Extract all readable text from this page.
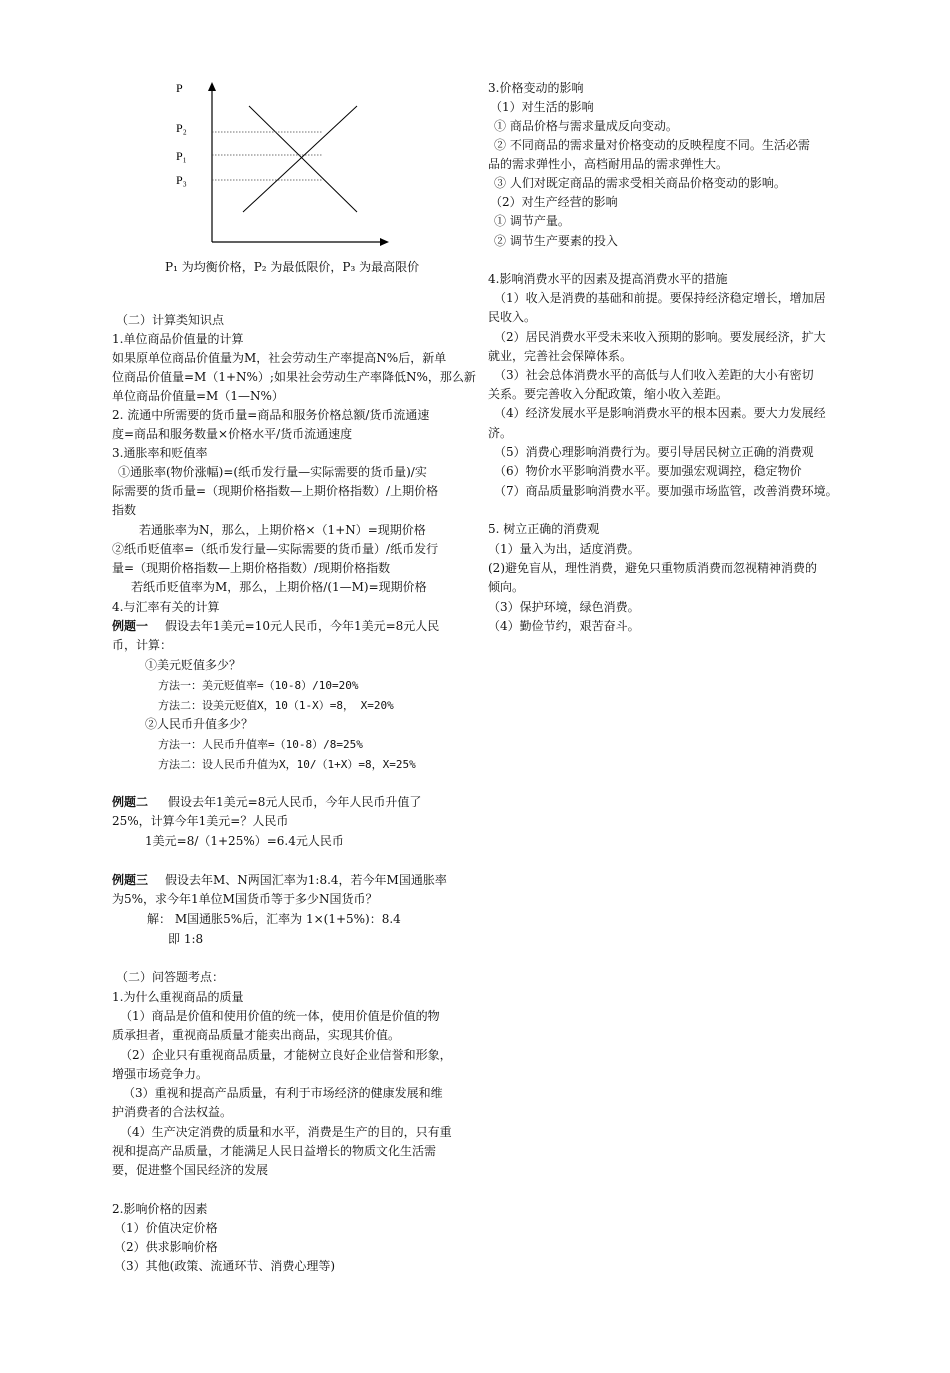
P
P₂
P₁
P₃
P₁ 为均衡价格，P₂ 为最低限价，P₃ 为最高限价
（二）计算类知识点
1.单位商品价值量的计算
如果原单位商品价值量为M，社会劳动生产率提高N%后，新单
位商品价值量=M（1+N%）;如果社会劳动生产率降低N%，那么新
单位商品价值量=M（1—N%）
2. 流通中所需要的货币量=商品和服务价格总额/货币流通速
度=商品和服务数量×价格水平/货币流通速度
3.通胀率和贬值率
①通胀率(物价涨幅)=(纸币发行量—实际需要的货币量)/实
际需要的货币量=（现期价格指数—上期价格指数）/上期价格
指数
若通胀率为N，那么，上期价格×（1+N）=现期价格
②纸币贬值率=（纸币发行量—实际需要的货币量）/纸币发行
量=（现期价格指数—上期价格指数）/现期价格指数
若纸币贬值率为M，那么，上期价格/(1—M)=现期价格
4.与汇率有关的计算
例题一 假设去年1美元=10元人民币，今年1美元=8元人民
币，计算：
①美元贬值多少？
方法一：美元贬值率=（10-8）/10=20%
方法二：设美元贬值X，10（1-X）=8， X=20%
②人民币升值多少？
方法一：人民币升值率=（10-8）/8=25%
方法二：设人民币升值为X，10/（1+X）=8，X=25%
例题二 假设去年1美元=8元人民币，今年人民币升值了
25%，计算今年1美元=？人民币
1美元=8/（1+25%）=6.4元人民币
例题三 假设去年M、N两国汇率为1:8.4，若今年M国通胀率
为5%，求今年1单位M国货币等于多少N国货币？
解： M国通胀5%后，汇率为 1×(1+5%)：8.4
即 1:8
（二）问答题考点：
1.为什么重视商品的质量
（1）商品是价值和使用价值的统一体，使用价值是价值的物
质承担者，重视商品质量才能卖出商品，实现其价值。
（2）企业只有重视商品质量，才能树立良好企业信誉和形象，
增强市场竞争力。
（3）重视和提高产品质量，有利于市场经济的健康发展和维
护消费者的合法权益。
（4）生产决定消费的质量和水平，消费是生产的目的，只有重
视和提高产品质量，才能满足人民日益增长的物质文化生活需
要，促进整个国民经济的发展
2.影响价格的因素
（1）价值决定价格
（2）供求影响价格
（3）其他(政策、流通环节、消费心理等)
3.价格变动的影响
（1）对生活的影响
① 商品价格与需求量成反向变动。
② 不同商品的需求量对价格变动的反映程度不同。生活必需
品的需求弹性小，高档耐用品的需求弹性大。
③ 人们对既定商品的需求受相关商品价格变动的影响。
（2）对生产经营的影响
① 调节产量。
② 调节生产要素的投入
4.影响消费水平的因素及提高消费水平的措施
（1）收入是消费的基础和前提。要保持经济稳定增长，增加居
民收入。
（2）居民消费水平受未来收入预期的影响。要发展经济，扩大
就业，完善社会保障体系。
（3）社会总体消费水平的高低与人们收入差距的大小有密切
关系。要完善收入分配政策，缩小收入差距。
（4）经济发展水平是影响消费水平的根本因素。要大力发展经
济。
（5）消费心理影响消费行为。要引导居民树立正确的消费观
（6）物价水平影响消费水平。要加强宏观调控，稳定物价
（7）商品质量影响消费水平。要加强市场监管，改善消费环境。
5. 树立正确的消费观
（1）量入为出，适度消费。
(2)避免盲从，理性消费，避免只重物质消费而忽视精神消费的
倾向。
（3）保护环境，绿色消费。
（4）勤俭节约，艰苦奋斗。
